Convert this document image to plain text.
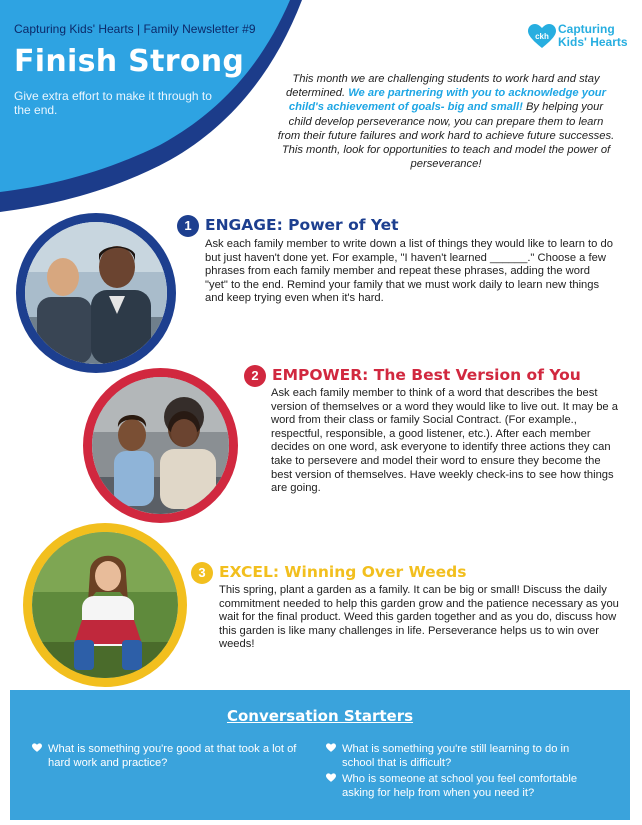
Capturing Kids' Hearts | Family Newsletter #9
Finish Strong
Give extra effort to make it through to the end.
ckh
Capturing
Kids' Hearts
This month we are challenging students to work hard and stay determined. We are partnering with you to acknowledge your child's achievement of goals- big and small! By helping your child develop perseverance now, you can prepare them to learn from their future failures and work hard to achieve future successes. This month, look for opportunities to teach and model the power of perseverance!
1 ENGAGE: Power of Yet
Ask each family member to write down a list of things they would like to learn to do but just haven't done yet. For example, "I haven't learned ______." Choose a few phrases from each family member and repeat these phrases, adding the word "yet" to the end. Remind your family that we must work daily to learn new things and keep trying even when it's hard.
2 EMPOWER: The Best Version of You
Ask each family member to think of a word that describes the best version of themselves or a word they would like to live out. It may be a word from their class or family Social Contract. (For example., respectful, responsible, a good listener, etc.). After each member decides on one word, ask everyone to identify three actions they can take to persevere and model their word to ensure they become the best version of themselves. Have weekly check-ins to see how things are going.
3 EXCEL: Winning Over Weeds
This spring, plant a garden as a family. It can be big or small! Discuss the daily commitment needed to help this garden grow and the patience necessary as you wait for the final product. Weed this garden together and as you do, discuss how this garden is like many challenges in life. Perseverance helps us to win over weeds!
Conversation Starters
What is something you're good at that took a lot of hard work and practice?
What is something you're still learning to do in school that is difficult?
Who is someone at school you feel comfortable asking for help from when you need it?
